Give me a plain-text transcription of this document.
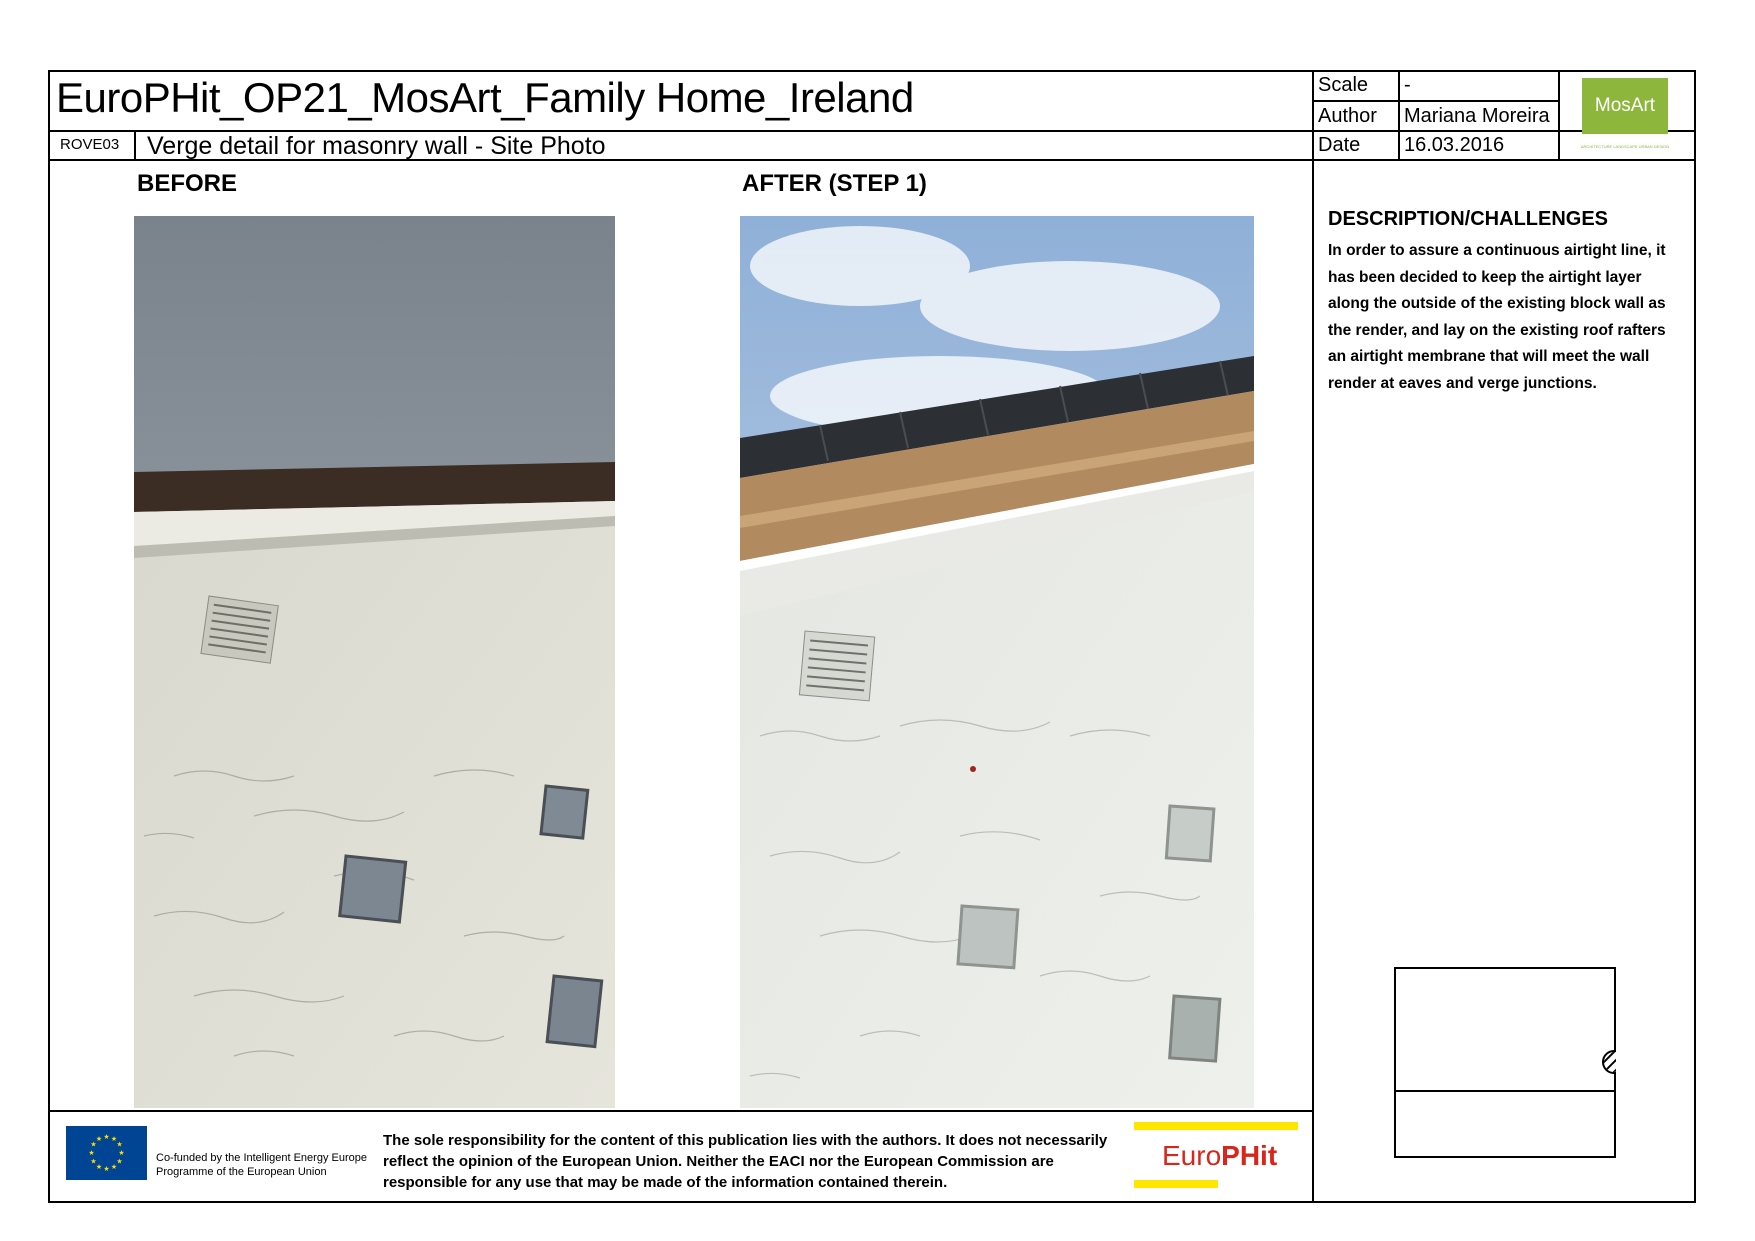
EuroPHit_OP21_MosArt_Family Home_Ireland
ROVE03 Verge detail for masonry wall - Site Photo
Scale -
Author Mariana Moreira
Date 16.03.2016
MosArt
ARCHITECTURE LANDSCAPE URBAN DESIGN
BEFORE	AFTER (STEP 1)
DESCRIPTION/CHALLENGES
In order to assure a continuous airtight line, it has been decided to keep the airtight layer along the outside of the existing block wall as the render, and lay on the existing roof rafters an airtight membrane that will meet the wall render at eaves and verge junctions.
★ ★
★
★
★
★
★
★
★
★
★
★
Co-funded by the Intelligent Energy Europe Programme of the European Union
The sole responsibility for the content of this publication lies with the authors. It does not necessarily reflect the opinion of the European Union. Neither the EACI nor the European Commission are responsible for any use that may be made of the information contained therein.
EuroPHit
